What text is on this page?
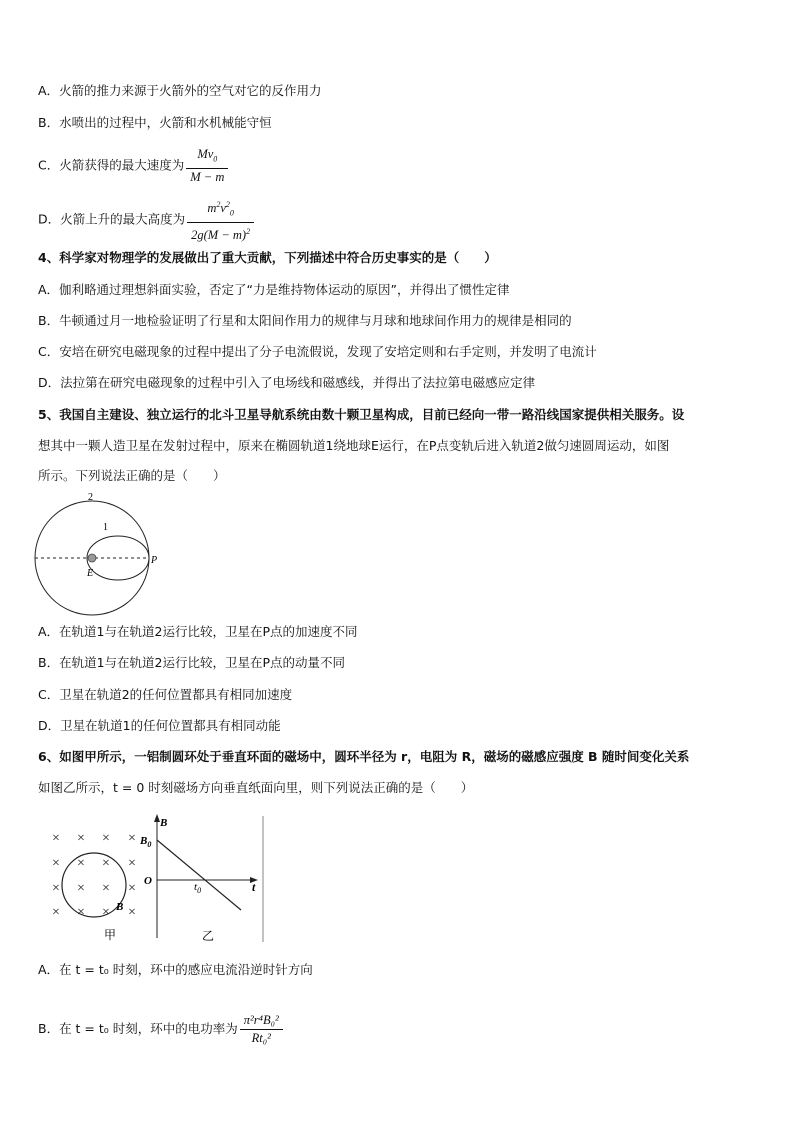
A．火箭的推力来源于火箭外的空气对它的反作用力
B．水喷出的过程中，火箭和水机械能守恒
C．火箭获得的最大速度为 $\frac{Mv_0}{M - m}$
D．火箭上升的最大高度为 $\frac{m^2v^2_0}{2g(M - m)^2}$
4、科学家对物理学的发展做出了重大贡献，下列描述中符合历史事实的是（　　）
A．伽利略通过理想斜面实验，否定了“力是维持物体运动的原因”，并得出了惯性定律
B．牛顿通过月一地检验证明了行星和太阳间作用力的规律与月球和地球间作用力的规律是相同的
C．安培在研究电磁现象的过程中提出了分子电流假说，发现了安培定则和右手定则，并发明了电流计
D．法拉第在研究电磁现象的过程中引入了电场线和磁感线，并得出了法拉第电磁感应定律
5、我国自主建设、独立运行的北斗卫星导航系统由数十颗卫星构成，目前已经向一带一路沿线国家提供相关服务。设
想其中一颗人造卫星在发射过程中，原来在椭圆轨道1绕地球E运行，在P点变轨后进入轨道2做匀速圆周运动，如图
所示。下列说法正确的是（　　）
2
1
E
P
A．在轨道1与在轨道2运行比较，卫星在P点的加速度不同
B．在轨道1与在轨道2运行比较，卫星在P点的动量不同
C．卫星在轨道2的任何位置都具有相同加速度
D．卫星在轨道1的任何位置都具有相同动能
6、如图甲所示，一铝制圆环处于垂直环面的磁场中，圆环半径为 r，电阻为 R，磁场的磁感应强度 B 随时间变化关系
如图乙所示，t = 0 时刻磁场方向垂直纸面向里，则下列说法正确的是（　　）
× × × ×
× × × ×
× × × ×
× × × ×
B
甲
B
$B_0$
O	$t_0$	t
乙
A．在 t = t₀ 时刻，环中的感应电流沿逆时针方向
B．在 t = t₀ 时刻，环中的电功率为 $\frac{\text{π²r⁴B₀²}}{\text{Rt₀²}}$
